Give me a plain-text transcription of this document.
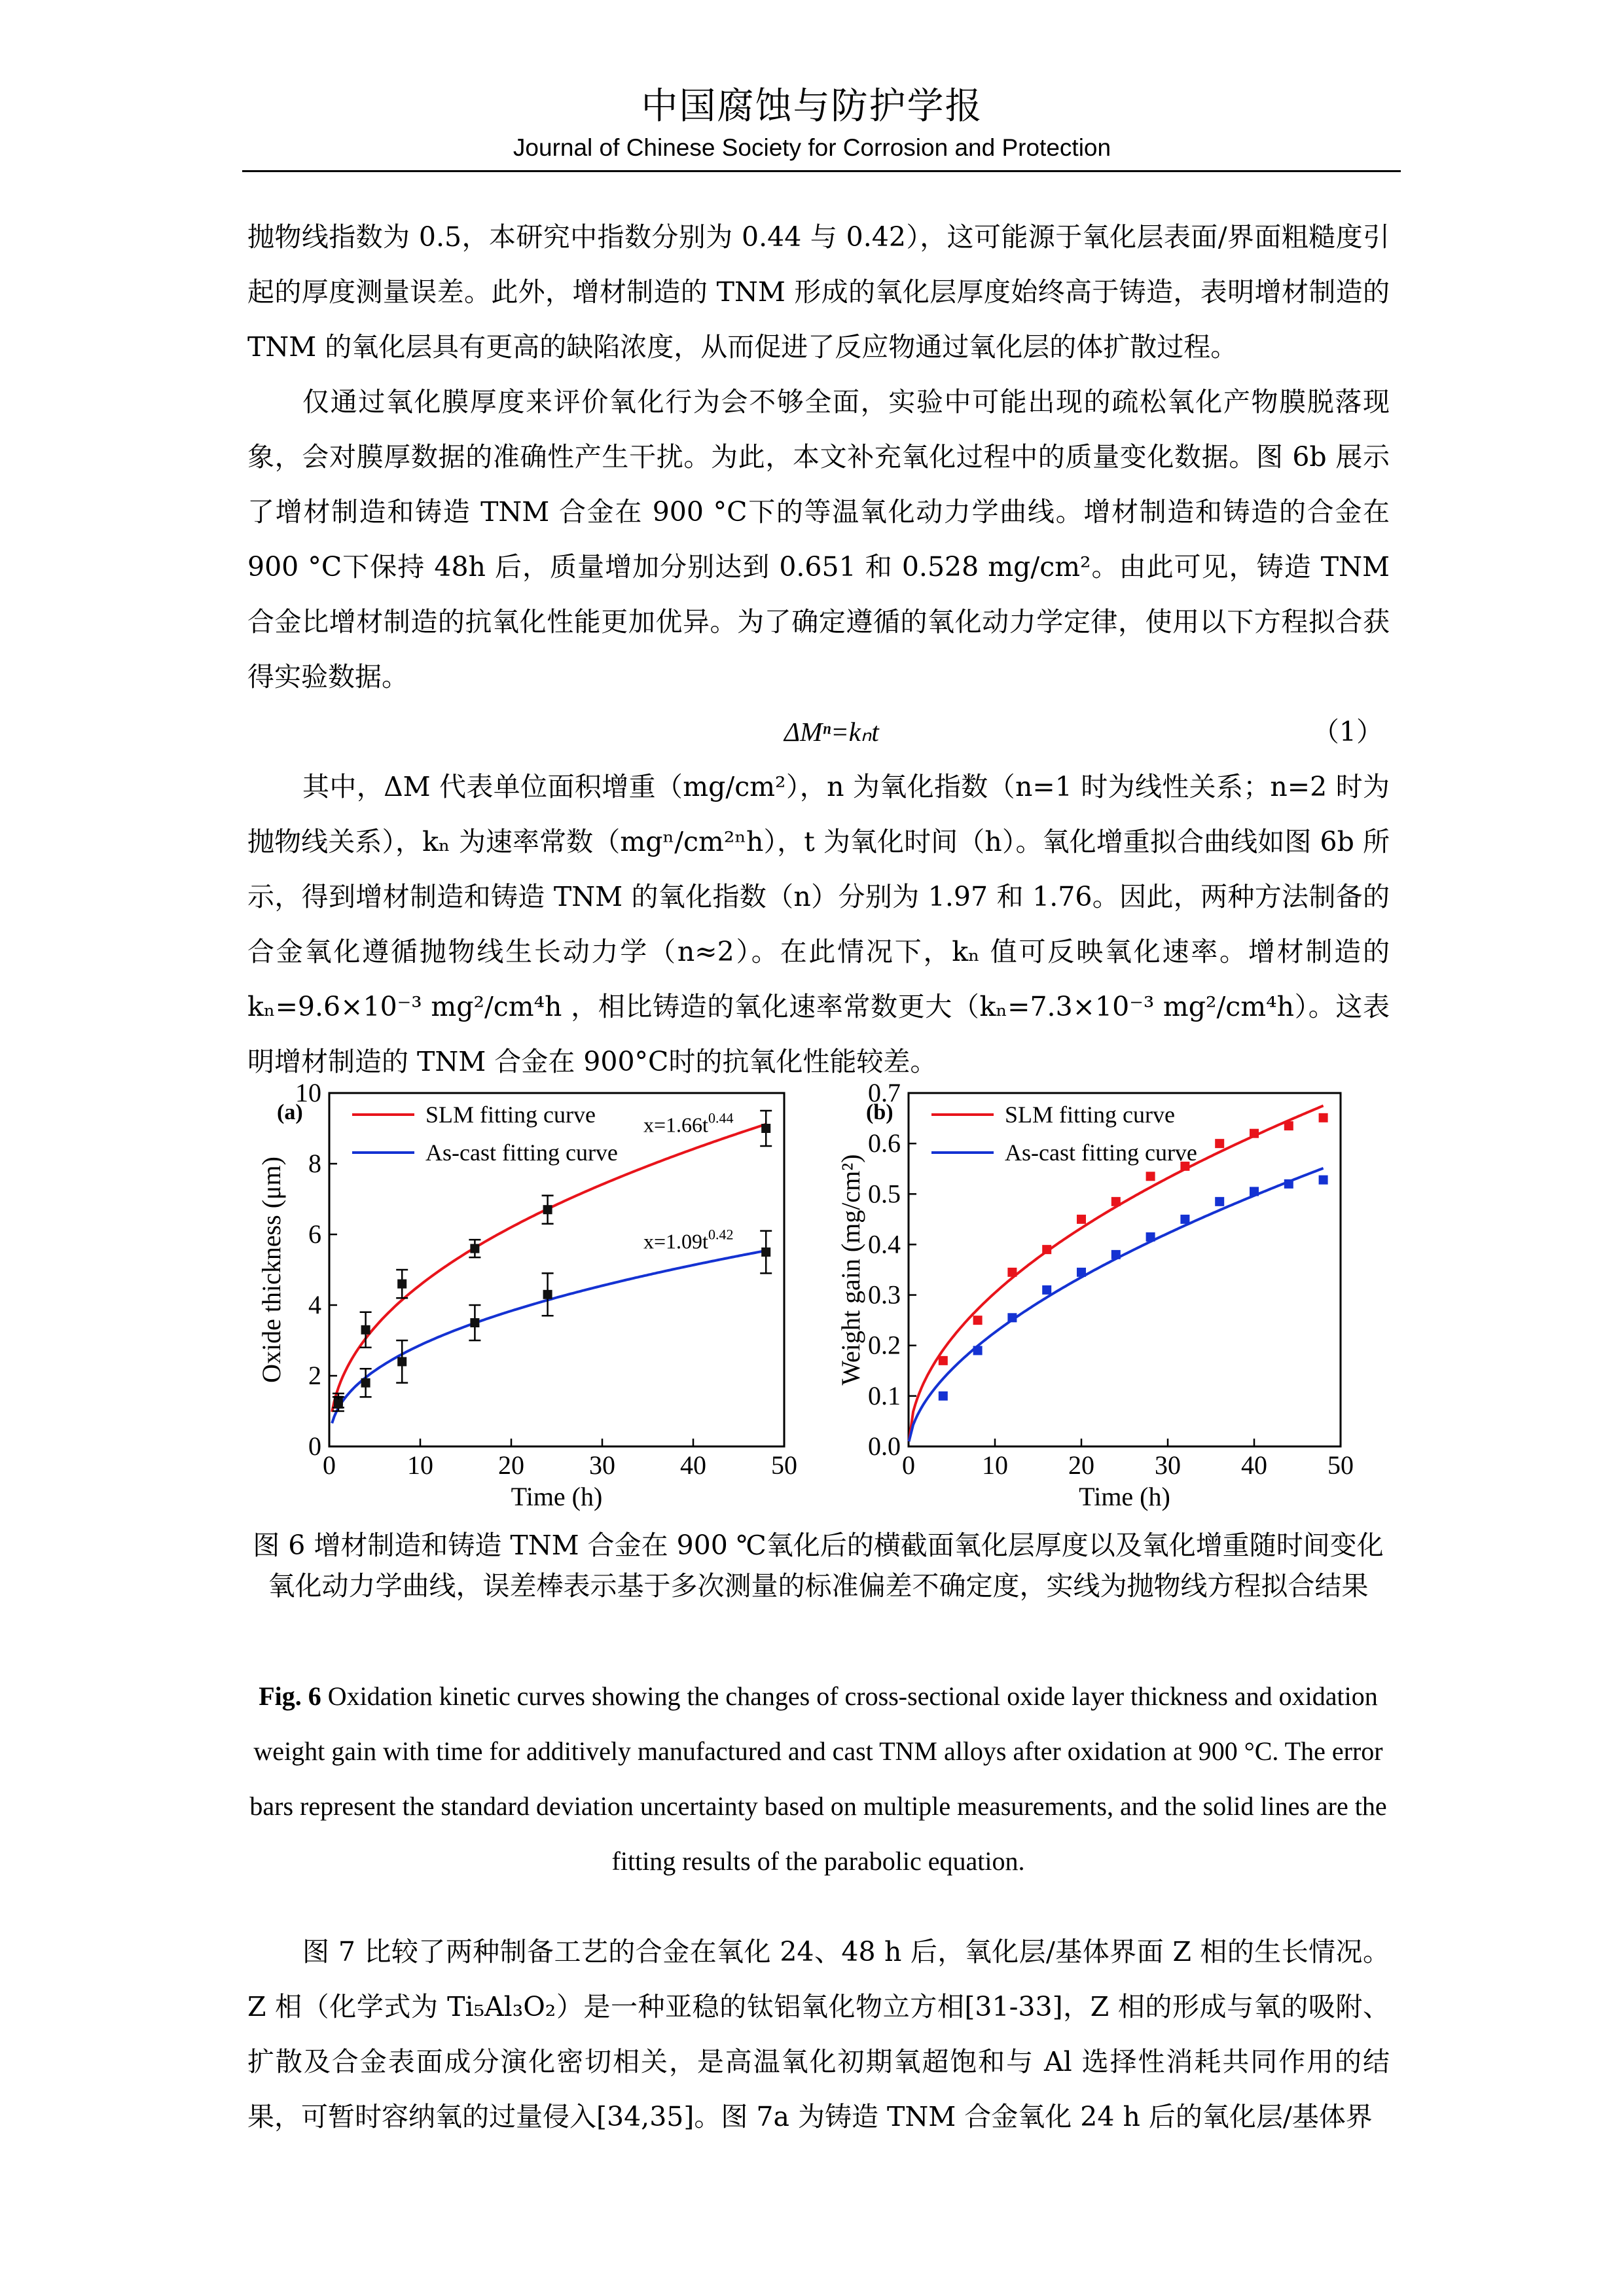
中国腐蚀与防护学报
Journal of Chinese Society for Corrosion and Protection

抛物线指数为 0.5，本研究中指数分别为 0.44 与 0.42），这可能源于氧化层表面/界面粗糙度引起的厚度测量误差。此外，增材制造的 TNM 形成的氧化层厚度始终高于铸造，表明增材制造的 TNM 的氧化层具有更高的缺陷浓度，从而促进了反应物通过氧化层的体扩散过程。

仅通过氧化膜厚度来评价氧化行为会不够全面，实验中可能出现的疏松氧化产物膜脱落现象，会对膜厚数据的准确性产生干扰。为此，本文补充氧化过程中的质量变化数据。图 6b 展示了增材制造和铸造 TNM 合金在 900 °C下的等温氧化动力学曲线。增材制造和铸造的合金在 900 °C下保持 48h 后，质量增加分别达到 0.651 和 0.528 mg/cm²。由此可见，铸造 TNM 合金比增材制造的抗氧化性能更加优异。为了确定遵循的氧化动力学定律，使用以下方程拟合获得实验数据。

ΔMⁿ=kₙt	（1）

其中，ΔM 代表单位面积增重（mg/cm²），n 为氧化指数（n=1 时为线性关系；n=2 时为抛物线关系），kₙ 为速率常数（mgⁿ/cm²ⁿh），t 为氧化时间（h）。氧化增重拟合曲线如图 6b 所示，得到增材制造和铸造 TNM 的氧化指数（n）分别为 1.97 和 1.76。因此，两种方法制备的合金氧化遵循抛物线生长动力学（n≈2）。在此情况下，kₙ 值可反映氧化速率。增材制造的 kₙ=9.6×10⁻³ mg²/cm⁴h ，相比铸造的氧化速率常数更大（kₙ=7.3×10⁻³ mg²/cm⁴h）。这表明增材制造的 TNM 合金在 900°C时的抗氧化性能较差。

0	10 20 30 40 50
0
2
4
6
8
10
Time (h)
Oxide thickness (μm)
(a)	SLM fitting curve
As-cast fitting curve
$x=1.66t^{0.44}$
$x=1.09t^{0.42}$
0	10 20 30 40 50
0.0
0.1
0.2
0.3
0.4
0.5
0.6
0.7
Time (h)
Weight gain (mg/cm²)
(b)	SLM fitting curve
As-cast fitting curve
图 6 增材制造和铸造 TNM 合金在 900 ℃氧化后的横截面氧化层厚度以及氧化增重随时间变化氧化动力学曲线，误差棒表示基于多次测量的标准偏差不确定度，实线为抛物线方程拟合结果
Fig. 6 Oxidation kinetic curves showing the changes of cross-sectional oxide layer thickness and oxidation weight gain with time for additively manufactured and cast TNM alloys after oxidation at 900 °C. The error bars represent the standard deviation uncertainty based on multiple measurements, and the solid lines are the fitting results of the parabolic equation.

图 7 比较了两种制备工艺的合金在氧化 24、48 h 后，氧化层/基体界面 Z 相的生长情况。Z 相（化学式为 Ti₅Al₃O₂）是一种亚稳的钛铝氧化物立方相[31-33]，Z 相的形成与氧的吸附、扩散及合金表面成分演化密切相关，是高温氧化初期氧超饱和与 Al 选择性消耗共同作用的结果，可暂时容纳氧的过量侵入[34,35]。图 7a 为铸造 TNM 合金氧化 24 h 后的氧化层/基体界
